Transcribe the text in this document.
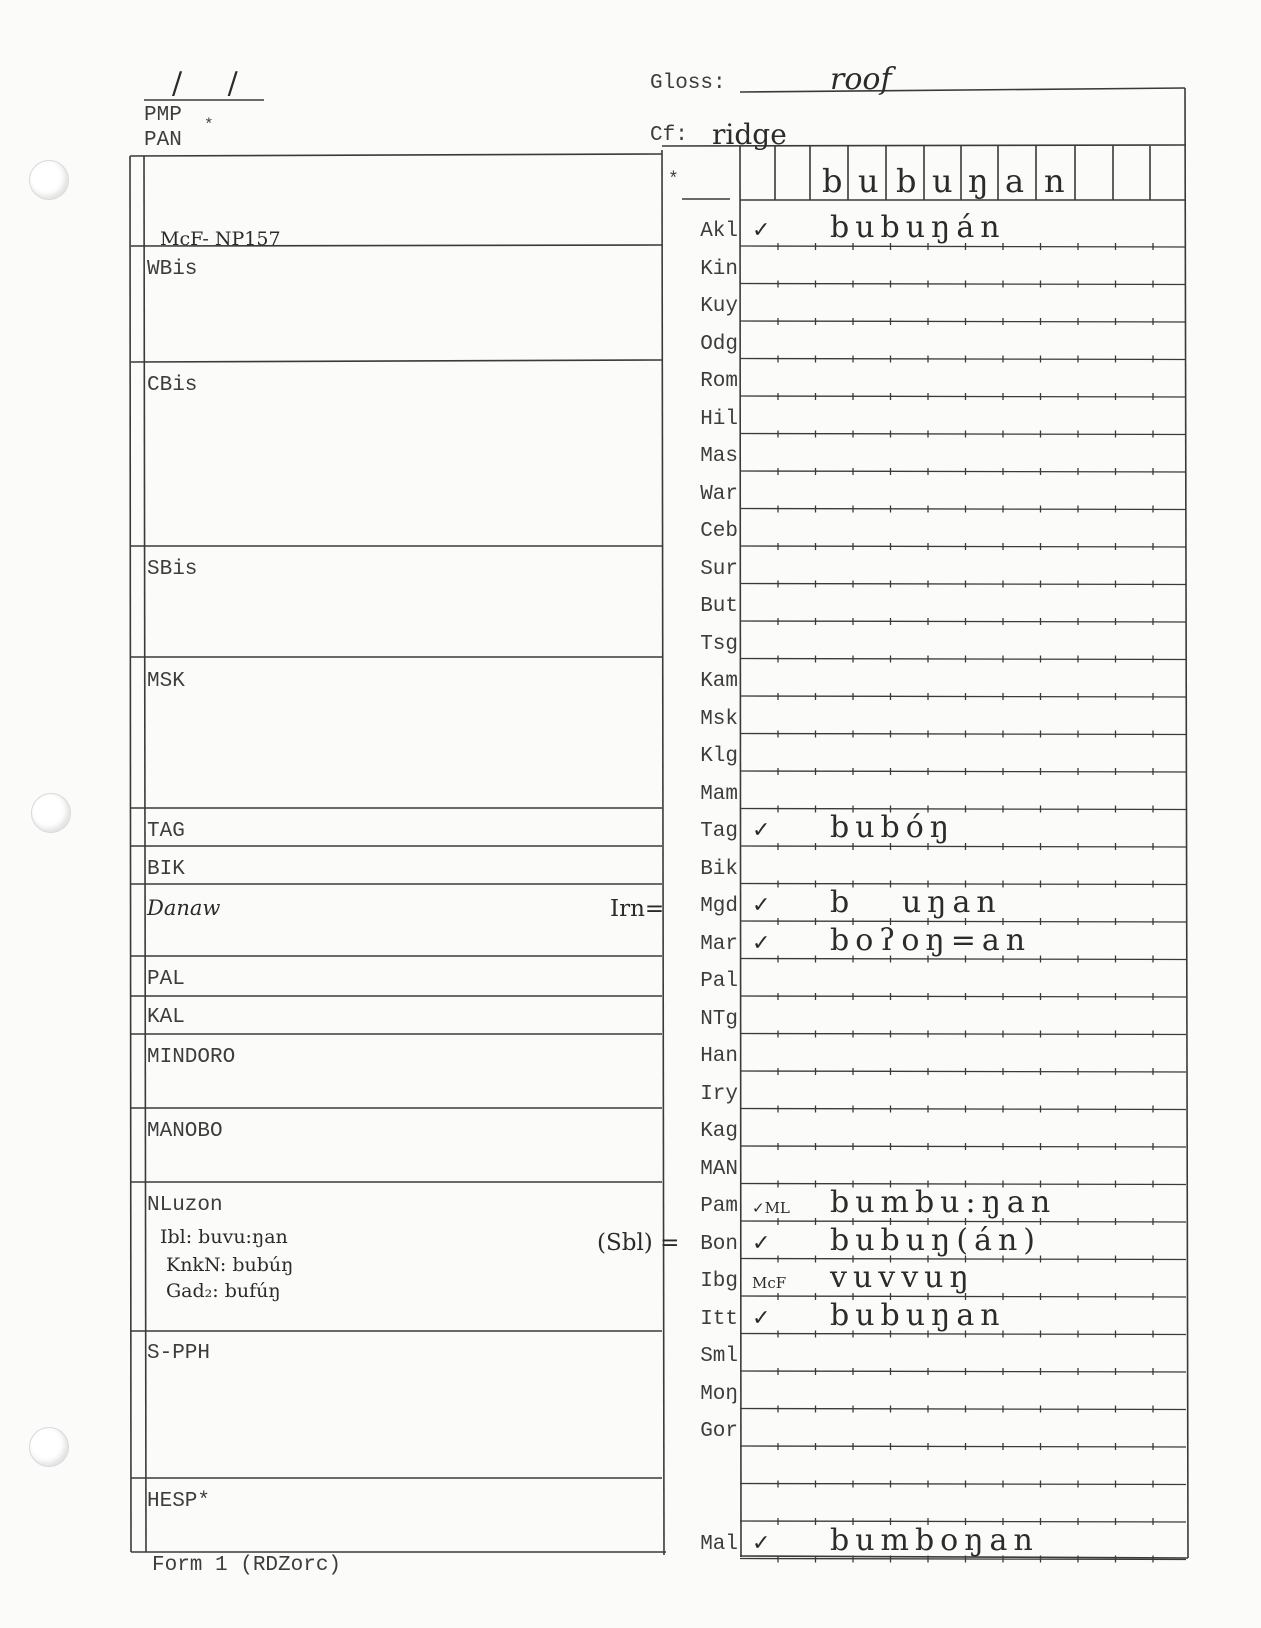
/ /
PMP *
PAN
Gloss:	roof
Cf: ridge
*	b u b u ŋ a n
McF- NP157
WBis
CBis
SBis
MSK
TAG
BIK
Danaw
PAL
KAL
MINDORO
MANOBO
NLuzon
S-PPH
HESP*
Ibl: buvu:ŋan
KnkN: bubúŋ
Gad₂: bufúŋ
Akl
Kin
Kuy
Odg
Rom
Hil
Mas
War
Ceb
Sur
But
Tsg
Kam
Msk
Klg
Mam
Tag
Bik
Mgd
Mar
Pal
NTg
Han
Iry
Kag
MAN
Pam
Bon
Ibg
Itt
Sml
Moŋ
Gor
Mal
Irn=
(Sbl) =
✓ bubuŋán
✓ bubóŋ
✓ b   uŋan
✓ boʔoŋ=an
✓ML bumbu:ŋan
✓ bubuŋ(án)
McF vuvvuŋ
✓ bubuŋan
✓ bumboŋan
Form 1 (RDZorc)
